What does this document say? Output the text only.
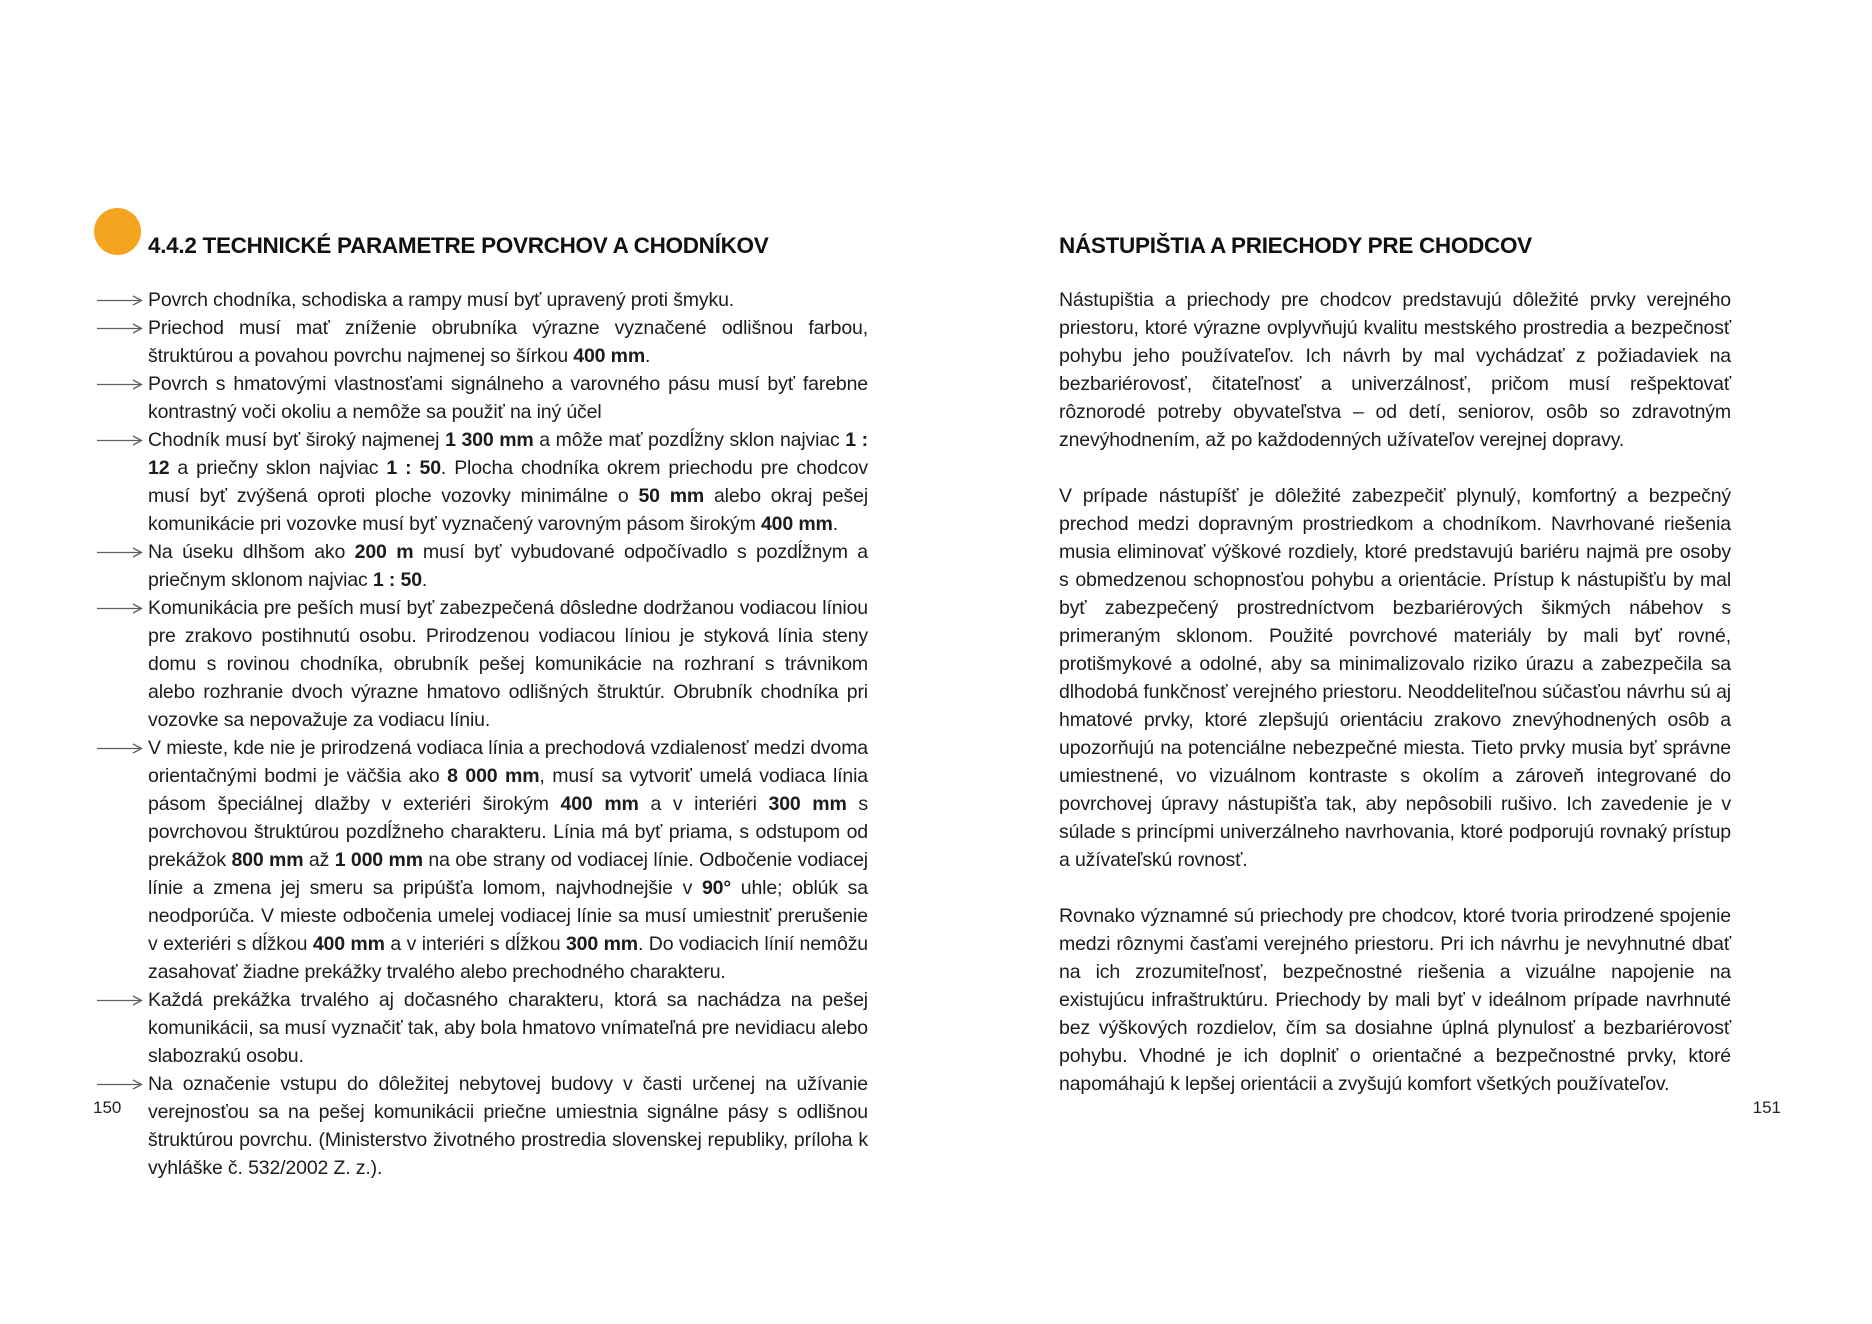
4.4.2 TECHNICKÉ PARAMETRE POVRCHOV A CHODNÍKOV
Povrch chodníka, schodiska a rampy musí byť upravený proti šmyku.
Priechod musí mať zníženie obrubníka výrazne vyznačené odlišnou farbou, štruktúrou a povahou povrchu najmenej so šírkou 400 mm.
Povrch s hmatovými vlastnosťami signálneho a varovného pásu musí byť farebne kontrastný voči okoliu a nemôže sa použiť na iný účel
Chodník musí byť široký najmenej 1 300 mm a môže mať pozdĺžny sklon najviac 1 : 12 a priečny sklon najviac 1 : 50. Plocha chodníka okrem priechodu pre chodcov musí byť zvýšená oproti ploche vozovky minimálne o 50 mm alebo okraj pešej komunikácie pri vozovke musí byť vyznačený varovným pásom širokým 400 mm.
Na úseku dlhšom ako 200 m musí byť vybudované odpočívadlo s pozdĺžnym a priečnym sklonom najviac 1 : 50.
Komunikácia pre peších musí byť zabezpečená dôsledne dodržanou vodiacou líniou pre zrakovo postihnutú osobu. Prirodzenou vodiacou líniou je styková línia steny domu s rovinou chodníka, obrubník pešej komunikácie na rozhraní s trávnikom alebo rozhranie dvoch výrazne hmatovo odlišných štruktúr. Obrubník chodníka pri vozovke sa nepovažuje za vodiacu líniu.
V mieste, kde nie je prirodzená vodiaca línia a prechodová vzdialenosť medzi dvoma orientačnými bodmi je väčšia ako 8 000 mm, musí sa vytvoriť umelá vodiaca línia pásom špeciálnej dlažby v exteriéri širokým 400 mm a v interiéri 300 mm s povrchovou štruktúrou pozdĺžneho charakteru. Línia má byť priama, s odstupom od prekážok 800 mm až 1 000 mm na obe strany od vodiacej línie. Odbočenie vodiacej línie a zmena jej smeru sa pripúšťa lomom, najvhodnejšie v 90° uhle; oblúk sa neodporúča. V mieste odbočenia umelej vodiacej línie sa musí umiestniť prerušenie v exteriéri s dĺžkou 400 mm a v interiéri s dĺžkou 300 mm. Do vodiacich línií nemôžu zasahovať žiadne prekážky trvalého alebo prechodného charakteru.
Každá prekážka trvalého aj dočasného charakteru, ktorá sa nachádza na pešej komunikácii, sa musí vyznačiť tak, aby bola hmatovo vnímateľná pre nevidiacu alebo slabozrakú osobu.
Na označenie vstupu do dôležitej nebytovej budovy v časti určenej na užívanie verejnosťou sa na pešej komunikácii priečne umiestnia signálne pásy s odlišnou štruktúrou povrchu. (Ministerstvo životného prostredia slovenskej republiky, príloha k vyhláške č. 532/2002 Z. z.).
150
NÁSTUPIŠTIA A PRIECHODY PRE CHODCOV

Nástupištia a priechody pre chodcov predstavujú dôležité prvky verejného priestoru, ktoré výrazne ovplyvňujú kvalitu mestského prostredia a bezpečnosť pohybu jeho používateľov. Ich návrh by mal vychádzať z požiadaviek na bezbariérovosť, čitateľnosť a univerzálnosť, pričom musí rešpektovať rôznorodé potreby obyvateľstva – od detí, seniorov, osôb so zdravotným znevýhodnením, až po každodenných užívateľov verejnej dopravy.

V prípade nástupíšť je dôležité zabezpečiť plynulý, komfortný a bezpečný prechod medzi dopravným prostriedkom a chodníkom. Navrhované riešenia musia eliminovať výškové rozdiely, ktoré predstavujú bariéru najmä pre osoby s obmedzenou schopnosťou pohybu a orientácie. Prístup k nástupišťu by mal byť zabezpečený prostredníctvom bezbariérových šikmých nábehov s primeraným sklonom. Použité povrchové materiály by mali byť rovné, protišmykové a odolné, aby sa minimalizovalo riziko úrazu a zabezpečila sa dlhodobá funkčnosť verejného priestoru. Neoddeliteľnou súčasťou návrhu sú aj hmatové prvky, ktoré zlepšujú orientáciu zrakovo znevýhodnených osôb a upozorňujú na potenciálne nebezpečné miesta. Tieto prvky musia byť správne umiestnené, vo vizuálnom kontraste s okolím a zároveň integrované do povrchovej úpravy nástupišťa tak, aby nepôsobili rušivo. Ich zavedenie je v súlade s princípmi univerzálneho navrhovania, ktoré podporujú rovnaký prístup a užívateľskú rovnosť.

Rovnako významné sú priechody pre chodcov, ktoré tvoria prirodzené spojenie medzi rôznymi časťami verejného priestoru. Pri ich návrhu je nevyhnutné dbať na ich zrozumiteľnosť, bezpečnostné riešenia a vizuálne napojenie na existujúcu infraštruktúru. Priechody by mali byť v ideálnom prípade navrhnuté bez výškových rozdielov, čím sa dosiahne úplná plynulosť a bezbariérovosť pohybu. Vhodné je ich doplniť o orientačné a bezpečnostné prvky, ktoré napomáhajú k lepšej orientácii a zvyšujú komfort všetkých používateľov.

151
